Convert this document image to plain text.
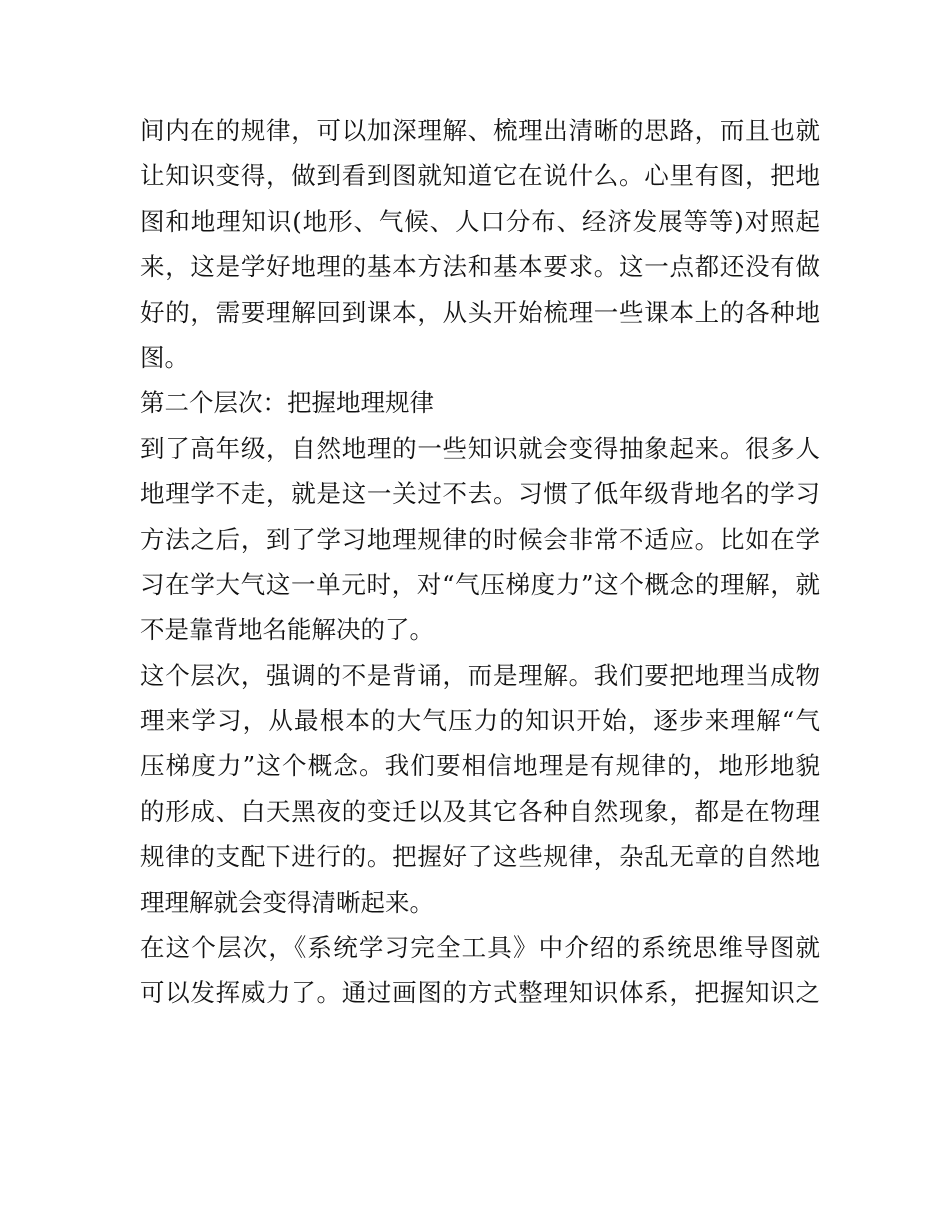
间内在的规律，可以加深理解、梳理出清晰的思路，而且也就
让知识变得，做到看到图就知道它在说什么。心里有图，把地
图和地理知识(地形、气候、人口分布、经济发展等等)对照起
来，这是学好地理的基本方法和基本要求。这一点都还没有做
好的，需要理解回到课本，从头开始梳理一些课本上的各种地
图。
第二个层次：把握地理规律
到了高年级，自然地理的一些知识就会变得抽象起来。很多人
地理学不走，就是这一关过不去。习惯了低年级背地名的学习
方法之后，到了学习地理规律的时候会非常不适应。比如在学
习在学大气这一单元时，对“气压梯度力”这个概念的理解，就
不是靠背地名能解决的了。
这个层次，强调的不是背诵，而是理解。我们要把地理当成物
理来学习，从最根本的大气压力的知识开始，逐步来理解“气
压梯度力”这个概念。我们要相信地理是有规律的，地形地貌
的形成、白天黑夜的变迁以及其它各种自然现象，都是在物理
规律的支配下进行的。把握好了这些规律，杂乱无章的自然地
理理解就会变得清晰起来。
在这个层次，《系统学习完全工具》中介绍的系统思维导图就
可以发挥威力了。通过画图的方式整理知识体系，把握知识之
